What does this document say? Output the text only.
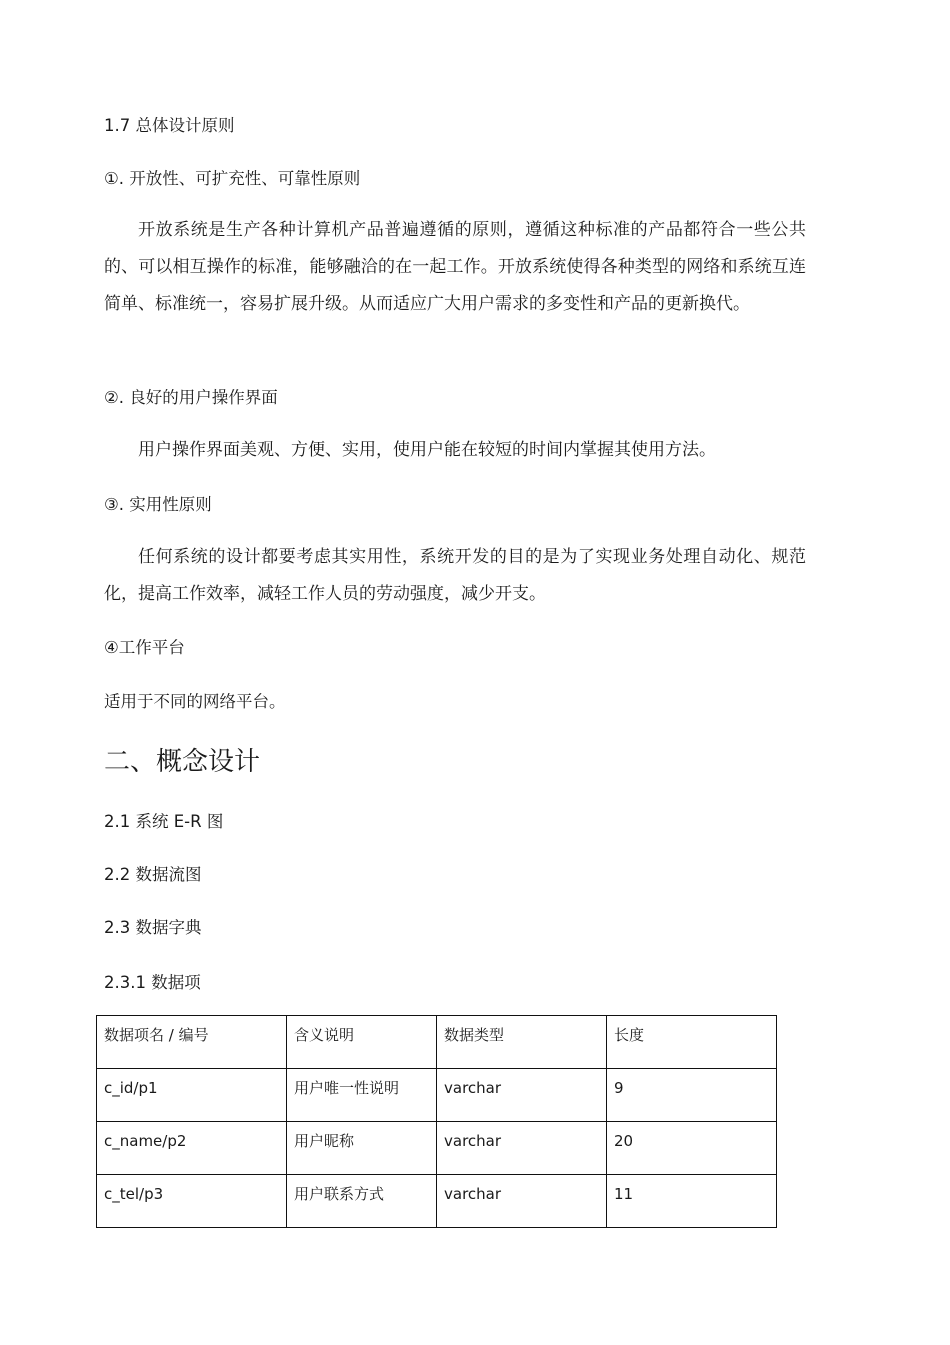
1.7 总体设计原则
①. 开放性、可扩充性、可靠性原则

开放系统是生产各种计算机产品普遍遵循的原则，遵循这种标准的产品都符合一些公共的、可以相互操作的标准，能够融洽的在一起工作。开放系统使得各种类型的网络和系统互连简单、标准统一，容易扩展升级。从而适应广大用户需求的多变性和产品的更新换代。

②. 良好的用户操作界面

用户操作界面美观、方便、实用，使用户能在较短的时间内掌握其使用方法。

③. 实用性原则

任何系统的设计都要考虑其实用性，系统开发的目的是为了实现业务处理自动化、规范化，提高工作效率，减轻工作人员的劳动强度，减少开支。

④工作平台
适用于不同的网络平台。
二、概念设计
2.1 系统 E-R 图
2.2 数据流图
2.3 数据字典
2.3.1 数据项
数据项名 / 编号	含义说明	数据类型	长度
c_id/p1	用户唯一性说明	varchar	9
c_name/p2	用户昵称	varchar	20
c_tel/p3	用户联系方式	varchar	11
